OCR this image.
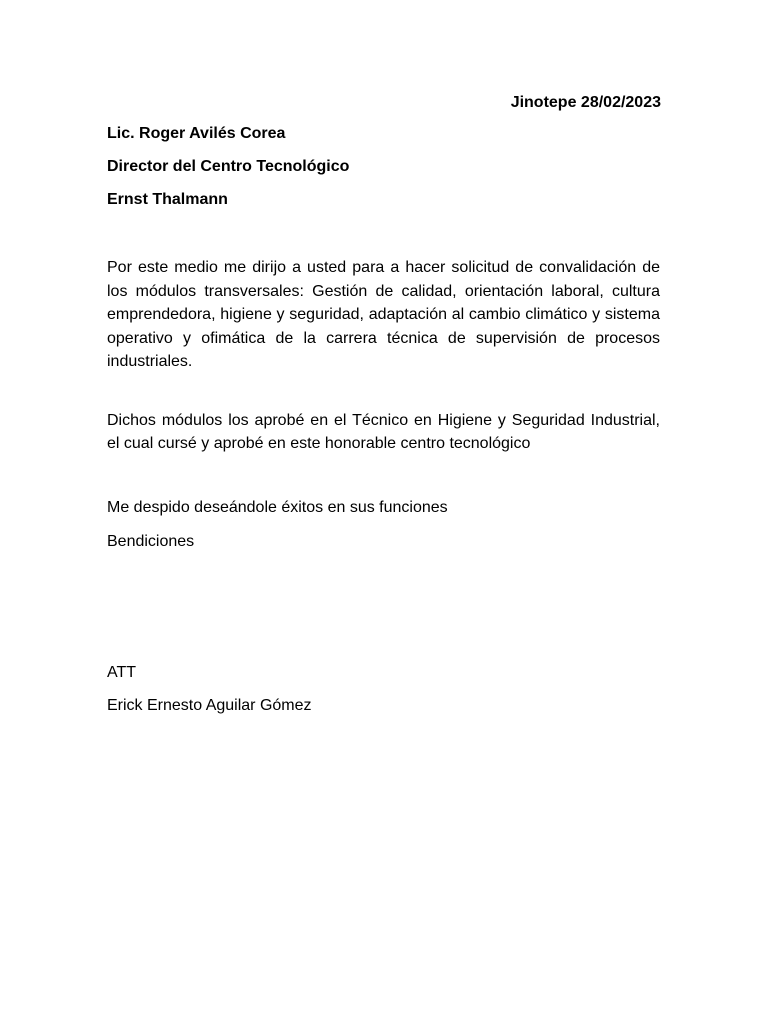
Jinotepe 28/02/2023
Lic. Roger Avilés Corea
Director del Centro Tecnológico
Ernst Thalmann
Por este medio me dirijo a usted para a hacer solicitud de convalidación de los módulos transversales: Gestión de calidad, orientación laboral, cultura emprendedora, higiene y seguridad, adaptación al cambio climático y sistema operativo y ofimática de la carrera técnica de supervisión de procesos industriales.
Dichos módulos los aprobé en el Técnico en Higiene y Seguridad Industrial, el cual cursé y aprobé en este honorable centro tecnológico
Me despido deseándole éxitos en sus funciones
Bendiciones
ATT
Erick Ernesto Aguilar Gómez
